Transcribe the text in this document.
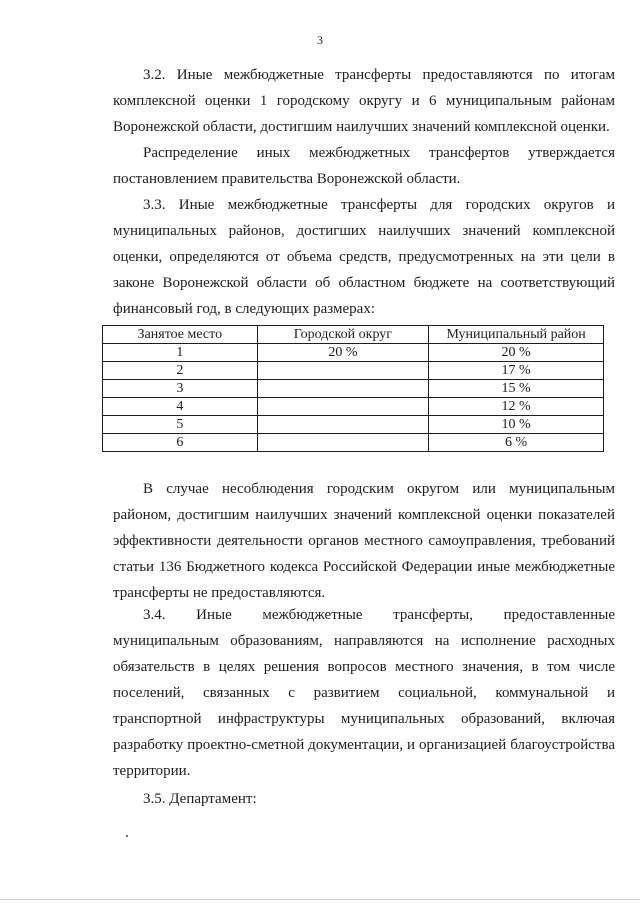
3

3.2. Иные межбюджетные трансферты предоставляются по итогам комплексной оценки 1 городскому округу и 6 муниципальным районам Воронежской области, достигшим наилучших значений комплексной оценки.

Распределение иных межбюджетных трансфертов утверждается постановлением правительства Воронежской области.

3.3. Иные межбюджетные трансферты для городских округов и муниципальных районов, достигших наилучших значений комплексной оценки, определяются от объема средств, предусмотренных на эти цели в законе Воронежской области об областном бюджете на соответствующий финансовый год, в следующих размерах:

Занятое место	Городской округ	Муниципальный район
1	20 %	20 %
2		17 %
3		15 %
4		12 %
5		10 %
6		6 %

В случае несоблюдения городским округом или муниципальным районом, достигшим наилучших значений комплексной оценки показателей эффективности деятельности органов местного самоуправления, требований статьи 136 Бюджетного кодекса Российской Федерации иные межбюджетные трансферты не предоставляются.

3.4. Иные межбюджетные трансферты, предоставленные муниципальным образованиям, направляются на исполнение расходных обязательств в целях решения вопросов местного значения, в том числе поселений, связанных с развитием социальной, коммунальной и транспортной инфраструктуры муниципальных образований, включая разработку проектно-сметной документации, и организацией благоустройства территории.

3.5. Департамент:
